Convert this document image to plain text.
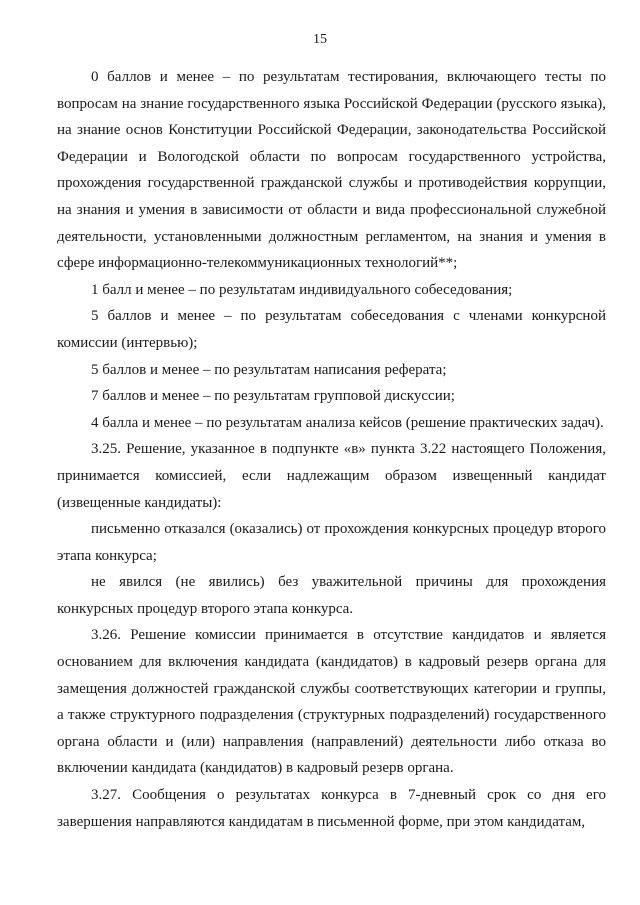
15

0 баллов и менее – по результатам тестирования, включающего тесты по вопросам на знание государственного языка Российской Федерации (русского языка), на знание основ Конституции Российской Федерации, законодательства Российской Федерации и Вологодской области по вопросам государственного устройства, прохождения государственной гражданской службы и противодействия коррупции, на знания и умения в зависимости от области и вида профессиональной служебной деятельности, установленными должностным регламентом, на знания и умения в сфере информационно-телекоммуникационных технологий**;

1 балл и менее – по результатам индивидуального собеседования;

5 баллов и менее – по результатам собеседования с членами конкурсной комиссии (интервью);

5 баллов и менее – по результатам написания реферата;

7 баллов и менее – по результатам групповой дискуссии;

4 балла и менее – по результатам анализа кейсов (решение практических задач).

3.25. Решение, указанное в подпункте «в» пункта 3.22 настоящего Положения, принимается комиссией, если надлежащим образом извещенный кандидат (извещенные кандидаты):

письменно отказался (оказались) от прохождения конкурсных процедур второго этапа конкурса;

не явился (не явились) без уважительной причины для прохождения конкурсных процедур второго этапа конкурса.

3.26. Решение комиссии принимается в отсутствие кандидатов и является основанием для включения кандидата (кандидатов) в кадровый резерв органа для замещения должностей гражданской службы соответствующих категории и группы, а также структурного подразделения (структурных подразделений) государственного органа области и (или) направления (направлений) деятельности либо отказа во включении кандидата (кандидатов) в кадровый резерв органа.

3.27. Сообщения о результатах конкурса в 7-дневный срок со дня его завершения направляются кандидатам в письменной форме, при этом кандидатам,
